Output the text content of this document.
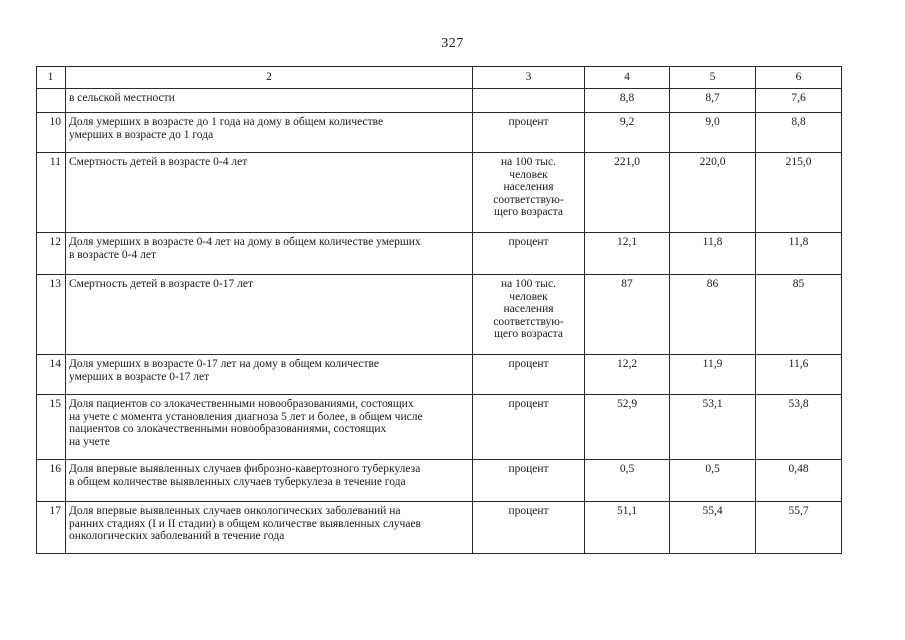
327
1	2	3	4	5	6
	в сельской местности		8,8	8,7	7,6
10	Доля умерших в возрасте до 1 года на дому в общем количестве
умерших в возрасте до 1 года	процент	9,2	9,0	8,8
11	Смертность детей в возрасте 0-4 лет	на 100 тыс.
человек
населения
соответствую-
щего возраста	221,0	220,0	215,0
12	Доля умерших в возрасте 0-4 лет на дому в общем количестве умерших
в возрасте 0-4 лет	процент	12,1	11,8	11,8
13	Смертность детей в возрасте 0-17 лет	на 100 тыс.
человек
населения
соответствую-
щего возраста	87	86	85
14	Доля умерших в возрасте 0-17 лет на дому в общем количестве
умерших в возрасте 0-17 лет	процент	12,2	11,9	11,6
15	Доля пациентов со злокачественными новообразованиями, состоящих
на учете с момента установления диагноза 5 лет и более, в общем числе
пациентов со злокачественными новообразованиями, состоящих
на учете	процент	52,9	53,1	53,8
16	Доля впервые выявленных случаев фиброзно-кавертозного туберкулеза
в общем количестве выявленных случаев туберкулеза в течение года	процент	0,5	0,5	0,48
17	Доля впервые выявленных случаев онкологических заболеваний на
ранних стадиях (I и II стадии) в общем количестве выявленных случаев
онкологических заболеваний в течение года	процент	51,1	55,4	55,7
